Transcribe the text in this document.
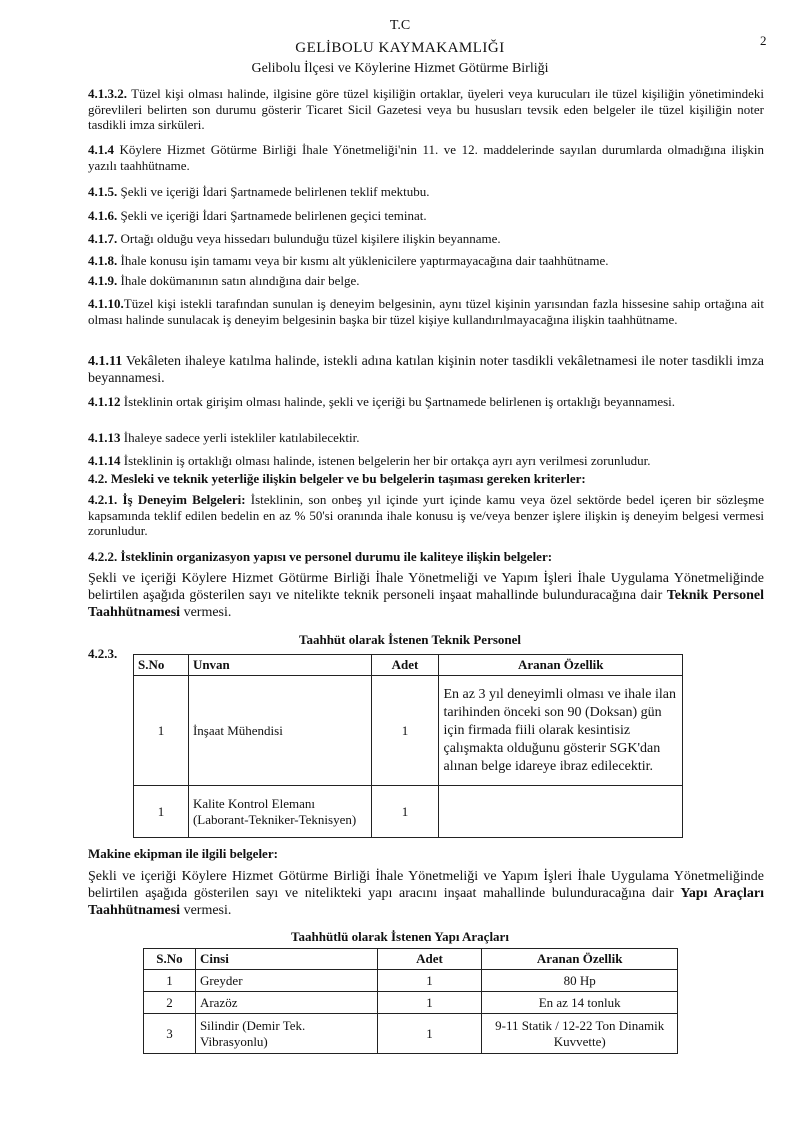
T.C
GELİBOLU KAYMAKAMLIĞI
Gelibolu İlçesi ve Köylerine Hizmet Götürme Birliği
2
4.1.3.2. Tüzel kişi olması halinde, ilgisine göre tüzel kişiliğin ortaklar, üyeleri veya kurucuları ile tüzel kişiliğin yönetimindeki görevlileri belirten son durumu gösterir Ticaret Sicil Gazetesi veya bu hususları tevsik eden belgeler ile tüzel kişiliğin noter tasdikli imza sirküleri.
4.1.4 Köylere Hizmet Götürme Birliği İhale Yönetmeliği'nin 11. ve 12. maddelerinde sayılan durumlarda olmadığına ilişkin yazılı taahhütname.
4.1.5. Şekli ve içeriği İdari Şartnamede belirlenen teklif mektubu.
4.1.6. Şekli ve içeriği İdari Şartnamede belirlenen geçici teminat.
4.1.7. Ortağı olduğu veya hissedarı bulunduğu tüzel kişilere ilişkin beyanname.
4.1.8. İhale konusu işin tamamı veya bir kısmı alt yüklenicilere yaptırmayacağına dair taahhütname.
4.1.9. İhale dokümanının satın alındığına dair belge.
4.1.10.Tüzel kişi istekli tarafından sunulan iş deneyim belgesinin, aynı tüzel kişinin yarısından fazla hissesine sahip ortağına ait olması halinde sunulacak iş deneyim belgesinin başka bir tüzel kişiye kullandırılmayacağına ilişkin taahhütname.
4.1.11 Vekâleten ihaleye katılma halinde, istekli adına katılan kişinin noter tasdikli vekâletnamesi ile noter tasdikli imza beyannamesi.
4.1.12 İsteklinin ortak girişim olması halinde, şekli ve içeriği bu Şartnamede belirlenen iş ortaklığı beyannamesi.
4.1.13 İhaleye sadece yerli istekliler katılabilecektir.
4.1.14 İsteklinin iş ortaklığı olması halinde, istenen belgelerin her bir ortakça ayrı ayrı verilmesi zorunludur.
4.2. Mesleki ve teknik yeterliğe ilişkin belgeler ve bu belgelerin taşıması gereken kriterler:
4.2.1. İş Deneyim Belgeleri: İsteklinin, son onbeş yıl içinde yurt içinde kamu veya özel sektörde bedel içeren bir sözleşme kapsamında teklif edilen bedelin en az % 50'si oranında ihale konusu iş ve/veya benzer işlere ilişkin iş deneyim belgesi vermesi zorunludur.
4.2.2. İsteklinin organizasyon yapısı ve personel durumu ile kaliteye ilişkin belgeler:
Şekli ve içeriği Köylere Hizmet Götürme Birliği İhale Yönetmeliği ve Yapım İşleri İhale Uygulama Yönetmeliğinde belirtilen aşağıda gösterilen sayı ve nitelikte teknik personeli inşaat mahallinde bulunduracağına dair Teknik Personel Taahhütnamesi vermesi.
Taahhüt olarak İstenen Teknik Personel
4.2.3.
S.No	Unvan	Adet	Aranan Özellik
1	İnşaat Mühendisi	1	En az 3 yıl deneyimli olması ve ihale ilan tarihinden önceki son 90 (Doksan) gün için firmada fiili olarak kesintisiz çalışmakta olduğunu gösterir SGK'dan alınan belge idareye ibraz edilecektir.
1	Kalite Kontrol Elemanı (Laborant-Tekniker-Teknisyen)	1	
Makine ekipman ile ilgili belgeler:
Şekli ve içeriği Köylere Hizmet Götürme Birliği İhale Yönetmeliği ve Yapım İşleri İhale Uygulama Yönetmeliğinde belirtilen aşağıda gösterilen sayı ve nitelikteki yapı aracını inşaat mahallinde bulunduracağına dair Yapı Araçları Taahhütnamesi vermesi.
Taahhütlü olarak İstenen Yapı Araçları
S.No	Cinsi	Adet	Aranan Özellik
1	Greyder	1	80 Hp
2	Arazöz	1	En az 14 tonluk
3	Silindir (Demir Tek. Vibrasyonlu)	1	9-11 Statik / 12-22 Ton Dinamik Kuvvette)
